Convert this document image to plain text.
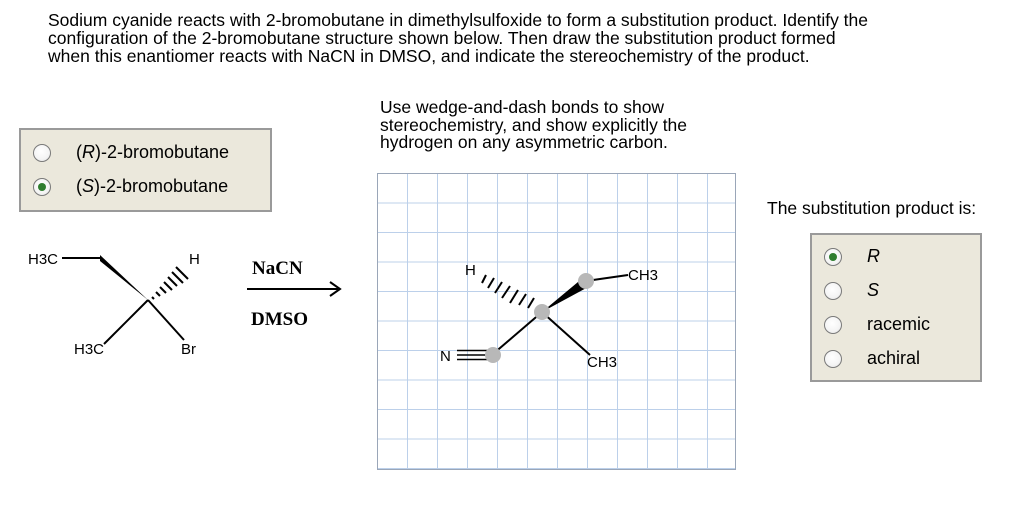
Sodium cyanide reacts with 2-bromobutane in dimethylsulfoxide to form a substitution product. Identify the
configuration of the 2-bromobutane structure shown below. Then draw the substitution product formed
when this enantiomer reacts with NaCN in DMSO, and indicate the stereochemistry of the product.
(R)-2-bromobutane
(S)-2-bromobutane
H3C	H
H3C	Br
NaCN
DMSO
Use wedge-and-dash bonds to show
stereochemistry, and show explicitly the
hydrogen on any asymmetric carbon.
H	CH3
N	CH3
The substitution product is:
R
S
racemic
achiral
